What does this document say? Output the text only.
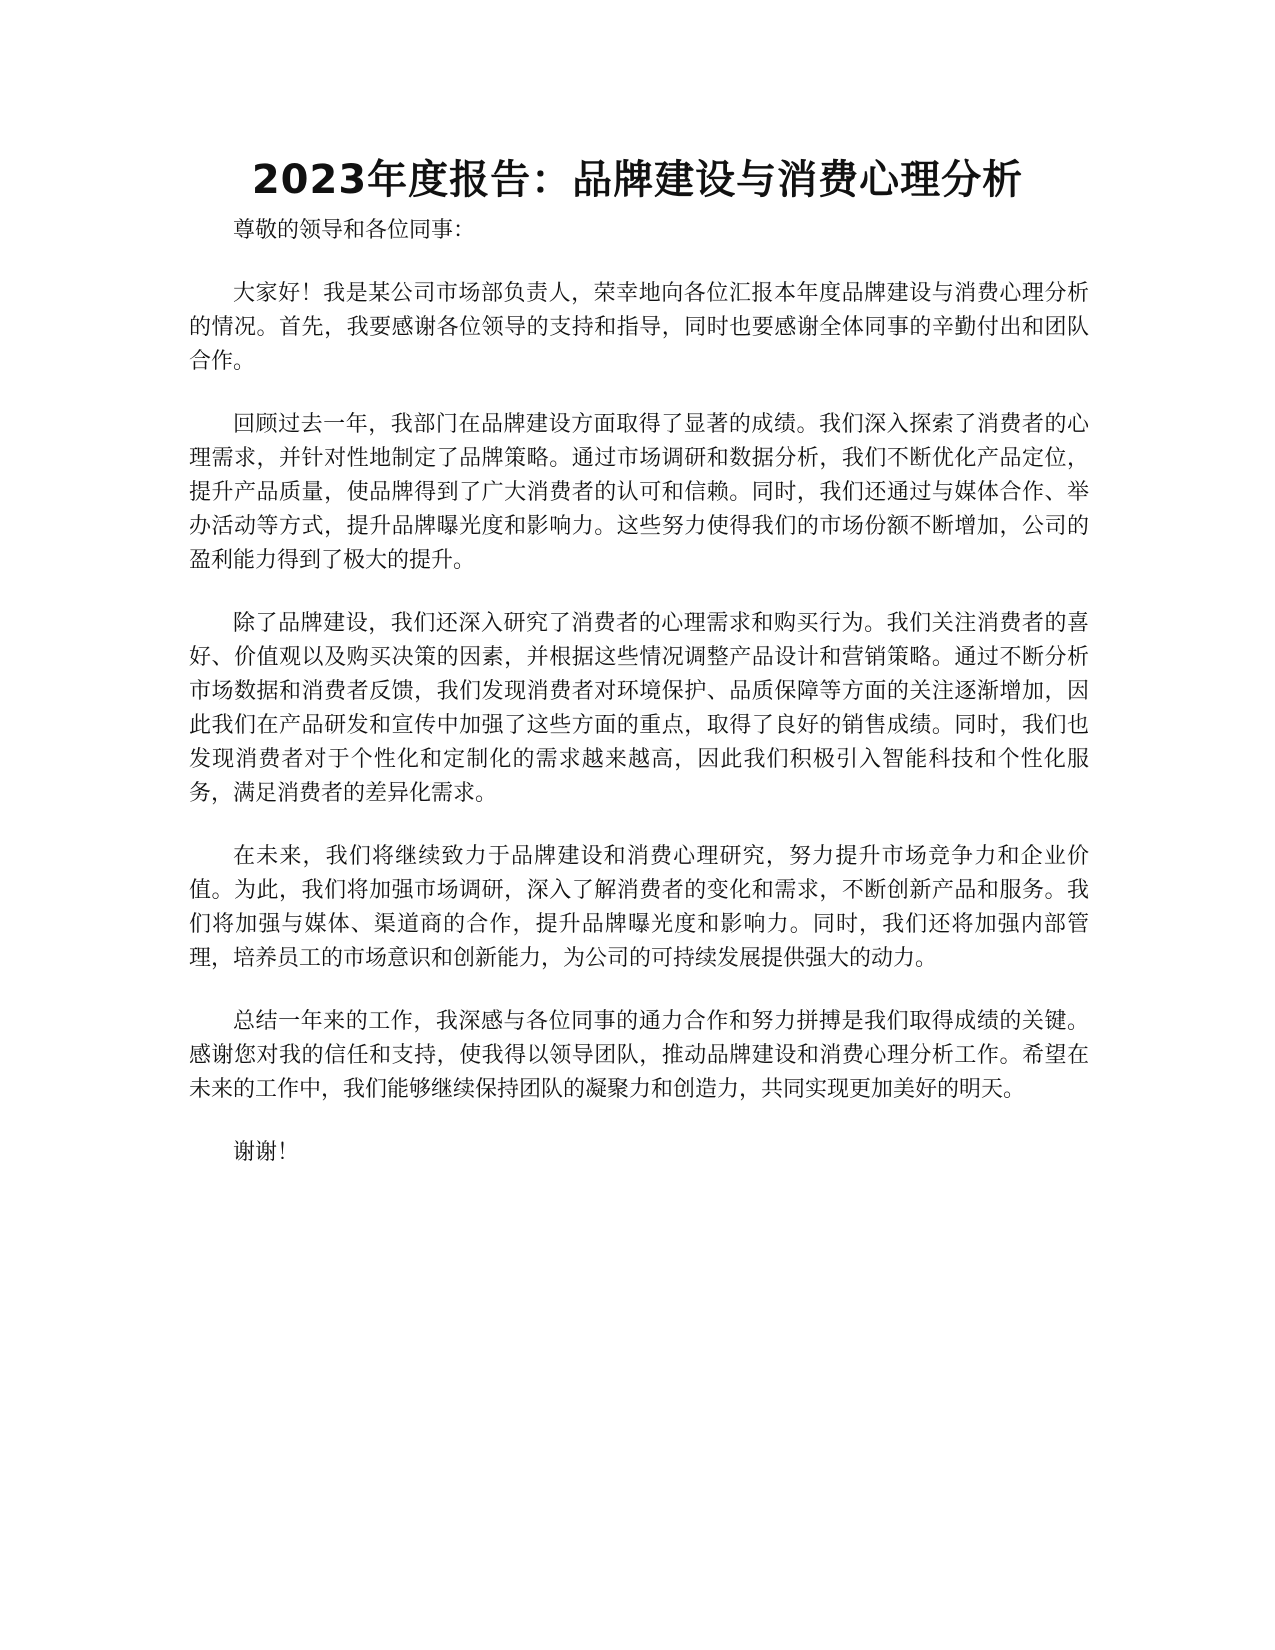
2023年度报告：品牌建设与消费心理分析

尊敬的领导和各位同事：

大家好！我是某公司市场部负责人，荣幸地向各位汇报本年度品牌建设与消费心理分析的情况。首先，我要感谢各位领导的支持和指导，同时也要感谢全体同事的辛勤付出和团队合作。

回顾过去一年，我部门在品牌建设方面取得了显著的成绩。我们深入探索了消费者的心理需求，并针对性地制定了品牌策略。通过市场调研和数据分析，我们不断优化产品定位，提升产品质量，使品牌得到了广大消费者的认可和信赖。同时，我们还通过与媒体合作、举办活动等方式，提升品牌曝光度和影响力。这些努力使得我们的市场份额不断增加，公司的盈利能力得到了极大的提升。

除了品牌建设，我们还深入研究了消费者的心理需求和购买行为。我们关注消费者的喜好、价值观以及购买决策的因素，并根据这些情况调整产品设计和营销策略。通过不断分析市场数据和消费者反馈，我们发现消费者对环境保护、品质保障等方面的关注逐渐增加，因此我们在产品研发和宣传中加强了这些方面的重点，取得了良好的销售成绩。同时，我们也发现消费者对于个性化和定制化的需求越来越高，因此我们积极引入智能科技和个性化服务，满足消费者的差异化需求。

在未来，我们将继续致力于品牌建设和消费心理研究，努力提升市场竞争力和企业价值。为此，我们将加强市场调研，深入了解消费者的变化和需求，不断创新产品和服务。我们将加强与媒体、渠道商的合作，提升品牌曝光度和影响力。同时，我们还将加强内部管理，培养员工的市场意识和创新能力，为公司的可持续发展提供强大的动力。

总结一年来的工作，我深感与各位同事的通力合作和努力拼搏是我们取得成绩的关键。感谢您对我的信任和支持，使我得以领导团队，推动品牌建设和消费心理分析工作。希望在未来的工作中，我们能够继续保持团队的凝聚力和创造力，共同实现更加美好的明天。

谢谢！
